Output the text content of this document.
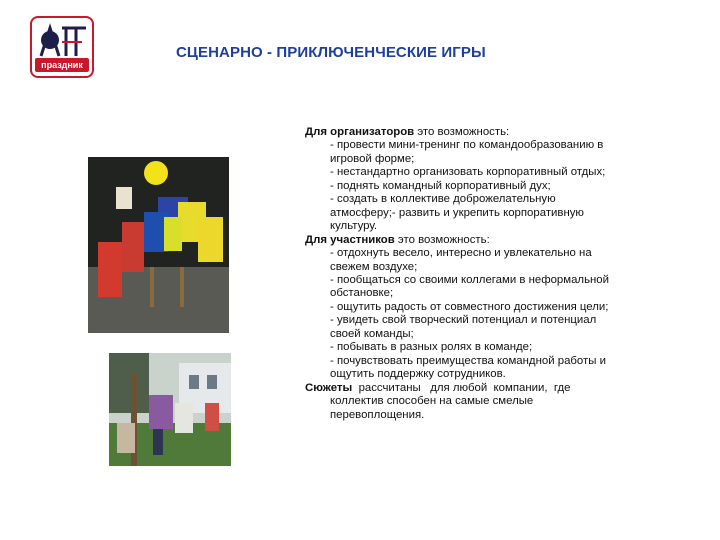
праздник
СЦЕНАРНО - ПРИКЛЮЧЕНЧЕСКИЕ ИГРЫ

Для организаторов это возможность:

- провести мини-тренинг по командообразованию в

игровой форме;

- нестандартно организовать корпоративный отдых;

- поднять командный корпоративный дух;

- создать в коллективе доброжелательную

атмосферу;- развить и укрепить корпоративную

культуру.

Для участников это возможность:

- отдохнуть весело, интересно и увлекательно на

свежем воздухе;

- пообщаться со своими коллегами в неформальной

обстановке;

- ощутить радость от совместного достижения цели;

- увидеть свой творческий потенциал и потенциал

своей команды;

- побывать в разных ролях в команде;

- почувствовать преимущества командной работы и

ощутить поддержку сотрудников.

Сюжеты  рассчитаны   для любой  компании,  где

коллектив способен на самые смелые

перевоплощения.
